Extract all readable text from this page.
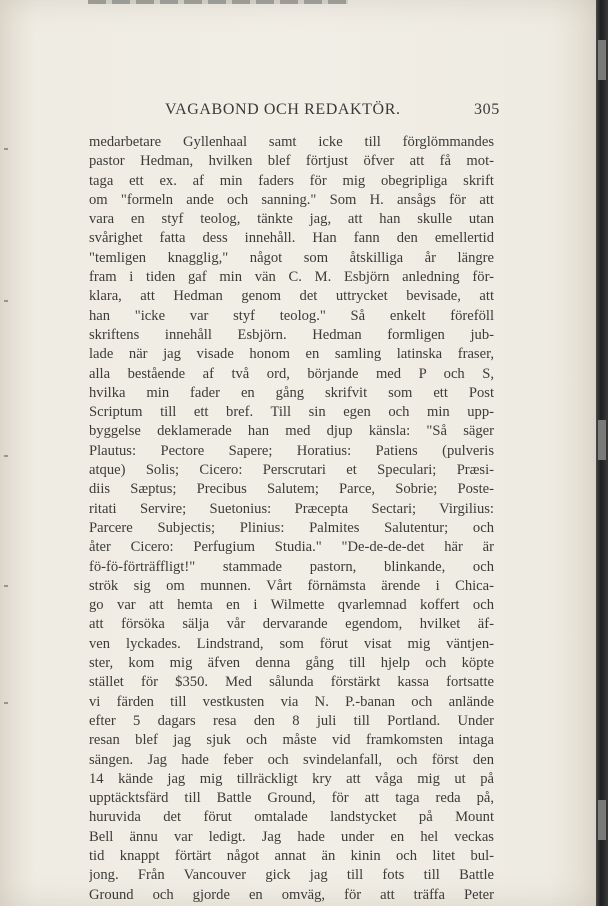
VAGABOND OCH REDAKTÖR.	305
medarbetare Gyllenhaal samt icke till förglömmandes
pastor Hedman, hvilken blef förtjust öfver att få mot-
taga ett ex. af min faders för mig obegripliga skrift
om "formeln ande och sanning." Som H. ansågs för att
vara en styf teolog, tänkte jag, att han skulle utan
svårighet fatta dess innehåll. Han fann den emellertid
"temligen knagglig," något som åtskilliga år längre
fram i tiden gaf min vän C. M. Esbjörn anledning för-
klara, att Hedman genom det uttrycket bevisade, att
han "icke var styf teolog." Så enkelt föreföll
skriftens innehåll Esbjörn. Hedman formligen jub-
lade när jag visade honom en samling latinska fraser,
alla bestående af två ord, börjande med P och S,
hvilka min fader en gång skrifvit som ett Post
Scriptum till ett bref. Till sin egen och min upp-
byggelse deklamerade han med djup känsla: "Så säger
Plautus: Pectore Sapere; Horatius: Patiens (pulveris
atque) Solis; Cicero: Perscrutari et Speculari; Præsi-
diis Sæptus; Precibus Salutem; Parce, Sobrie; Poste-
ritati Servire; Suetonius: Præcepta Sectari; Virgilius:
Parcere Subjectis; Plinius: Palmites Salutentur; och
åter Cicero: Perfugium Studia." "De-de-de-det här är
fö-fö-förträffligt!" stammade pastorn, blinkande, och
strök sig om munnen. Vårt förnämsta ärende i Chica-
go var att hemta en i Wilmette qvarlemnad koffert och
att försöka sälja vår dervarande egendom, hvilket äf-
ven lyckades. Lindstrand, som förut visat mig väntjen-
ster, kom mig äfven denna gång till hjelp och köpte
stället för $350. Med sålunda förstärkt kassa fortsatte
vi färden till vestkusten via N. P.-banan och anlände
efter 5 dagars resa den 8 juli till Portland. Under
resan blef jag sjuk och måste vid framkomsten intaga
sängen. Jag hade feber och svindelanfall, och först den
14 kände jag mig tillräckligt kry att våga mig ut på
upptäcktsfärd till Battle Ground, för att taga reda på,
huruvida det förut omtalade landstycket på Mount
Bell ännu var ledigt. Jag hade under en hel veckas
tid knappt förtärt något annat än kinin och litet bul-
jong. Från Vancouver gick jag till fots till Battle
Ground och gjorde en omväg, för att träffa Peter
